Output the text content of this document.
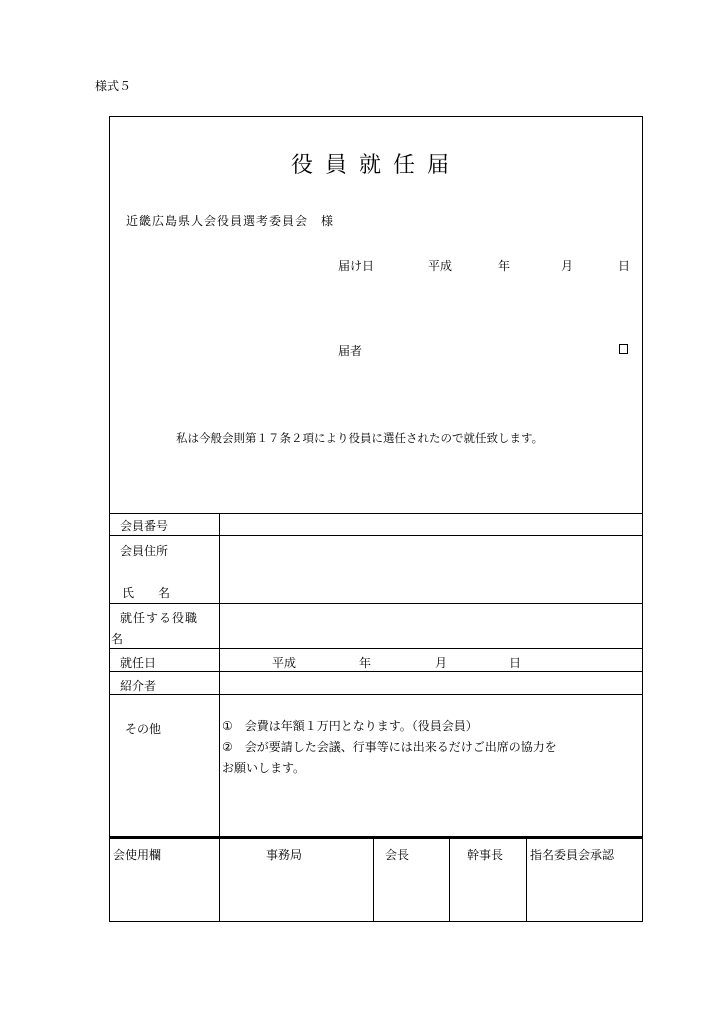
様式５
役員就任届
近畿広島県人会役員選考委員会　様
届け日	平成	年	月	日
届者
私は今般会則第１７条２項により役員に選任されたので就任致します。
会員番号
会員住所
氏　　名
就任する役職
名
就任日	平成	年	月	日
紹介者
その他	①　会費は年額１万円となります。（役員会員）
②　会が要請した会議、行事等には出来るだけご出席の協力を
お願いします。
会使用欄	事務局	会長	幹事長 指名委員会承認
